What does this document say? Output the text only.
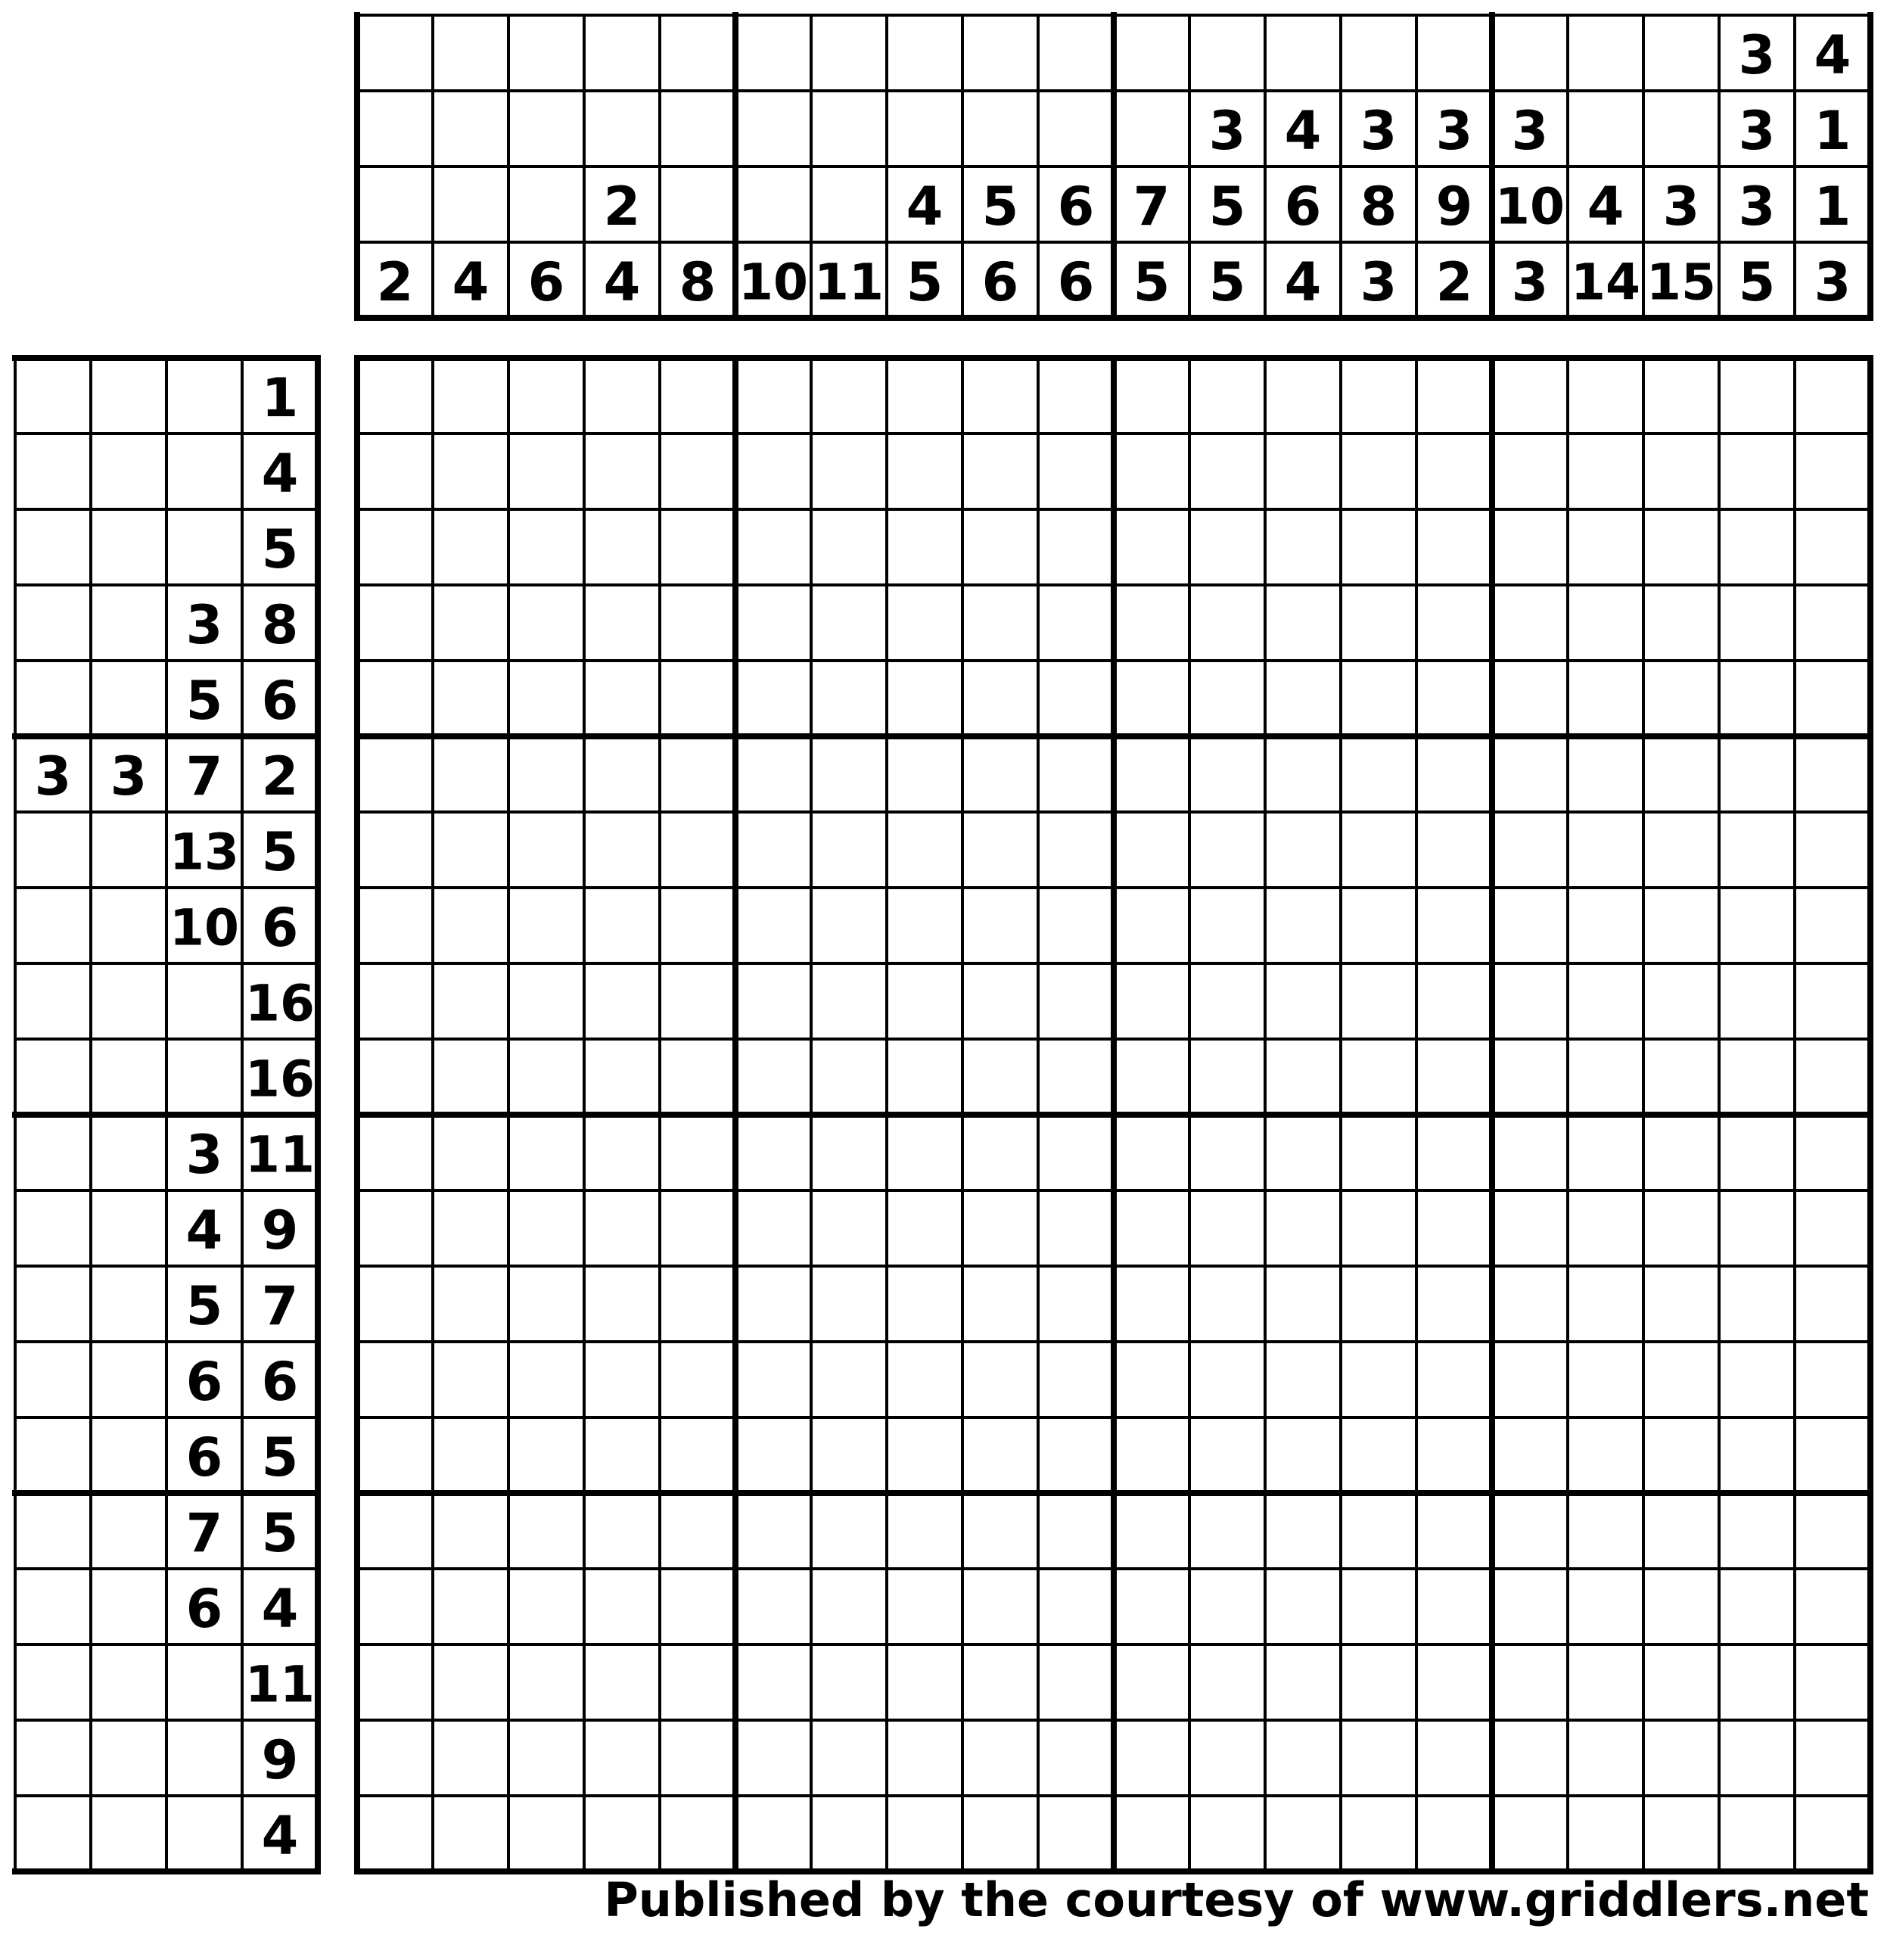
2 4 6
2
4 8 10 11
4
5
5
6
6
6
7
5
3
5
5
4
6
4
3
8
3
3
9
2
3
10
3
4
14
3
15
3
3
3
5
4
1
1
3
1
4
5
3 8
5 6
3 3 7 2
13 5
10 6
16
16
3 11
4 9
5 7
6 6
6 5
7 5
6 4
11
9
4
Published by the courtesy of www.griddlers.net
